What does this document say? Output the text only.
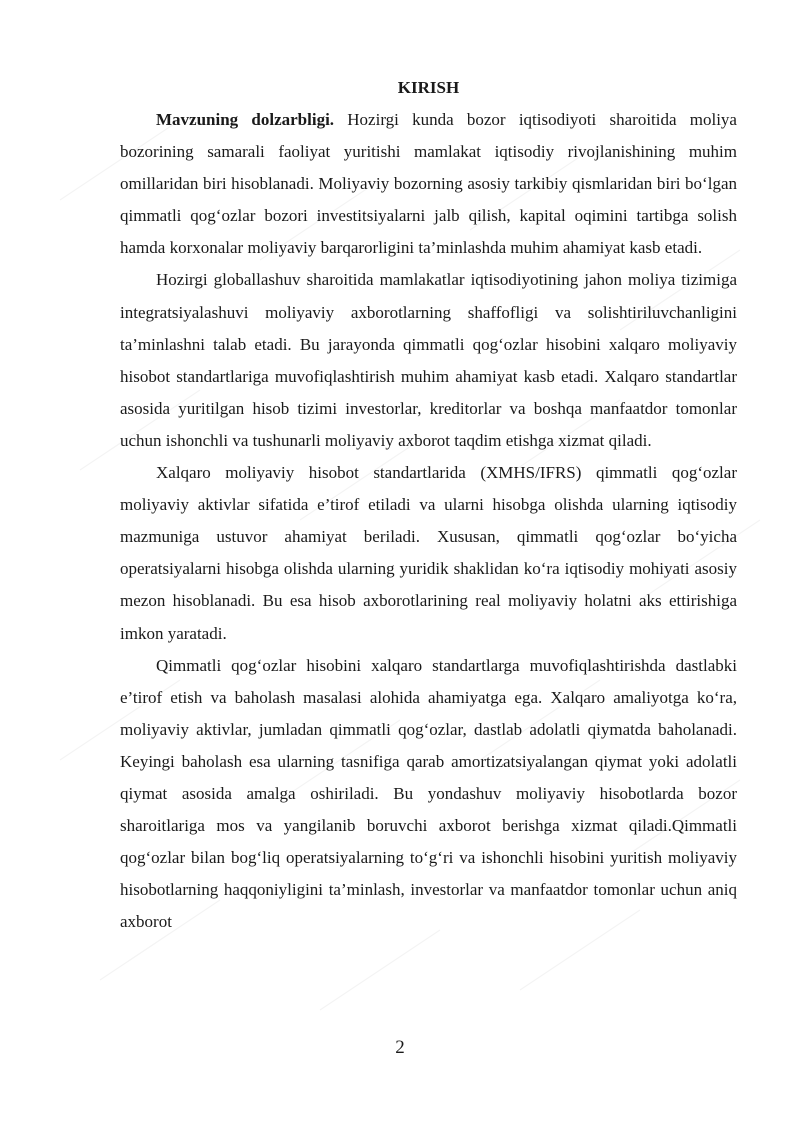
KIRISH

Mavzuning dolzarbligi. Hozirgi kunda bozor iqtisodiyoti sharoitida moliya bozorining samarali faoliyat yuritishi mamlakat iqtisodiy rivojlanishining muhim omillaridan biri hisoblanadi. Moliyaviy bozorning asosiy tarkibiy qismlaridan biri bo‘lgan qimmatli qog‘ozlar bozori investitsiyalarni jalb qilish, kapital oqimini tartibga solish hamda korxonalar moliyaviy barqarorligini ta’minlashda muhim ahamiyat kasb etadi.

Hozirgi globallashuv sharoitida mamlakatlar iqtisodiyotining jahon moliya tizimiga integratsiyalashuvi moliyaviy axborotlarning shaffofligi va solishtiriluvchanligini ta’minlashni talab etadi. Bu jarayonda qimmatli qog‘ozlar hisobini xalqaro moliyaviy hisobot standartlariga muvofiqlashtirish muhim ahamiyat kasb etadi. Xalqaro standartlar asosida yuritilgan hisob tizimi investorlar, kreditorlar va boshqa manfaatdor tomonlar uchun ishonchli va tushunarli moliyaviy axborot taqdim etishga xizmat qiladi.

Xalqaro moliyaviy hisobot standartlarida (XMHS/IFRS) qimmatli qog‘ozlar moliyaviy aktivlar sifatida e’tirof etiladi va ularni hisobga olishda ularning iqtisodiy mazmuniga ustuvor ahamiyat beriladi. Xususan, qimmatli qog‘ozlar bo‘yicha operatsiyalarni hisobga olishda ularning yuridik shaklidan ko‘ra iqtisodiy mohiyati asosiy mezon hisoblanadi. Bu esa hisob axborotlarining real moliyaviy holatni aks ettirishiga imkon yaratadi.

Qimmatli qog‘ozlar hisobini xalqaro standartlarga muvofiqlashtirishda dastlabki e’tirof etish va baholash masalasi alohida ahamiyatga ega. Xalqaro amaliyotga ko‘ra, moliyaviy aktivlar, jumladan qimmatli qog‘ozlar, dastlab adolatli qiymatda baholanadi. Keyingi baholash esa ularning tasnifiga qarab amortizatsiyalangan qiymat yoki adolatli qiymat asosida amalga oshiriladi. Bu yondashuv moliyaviy hisobotlarda bozor sharoitlariga mos va yangilanib boruvchi axborot berishga xizmat qiladi.Qimmatli qog‘ozlar bilan bog‘liq operatsiyalarning to‘g‘ri va ishonchli hisobini yuritish moliyaviy hisobotlarning haqqoniyligini ta’minlash, investorlar va manfaatdor tomonlar uchun aniq axborot

2
